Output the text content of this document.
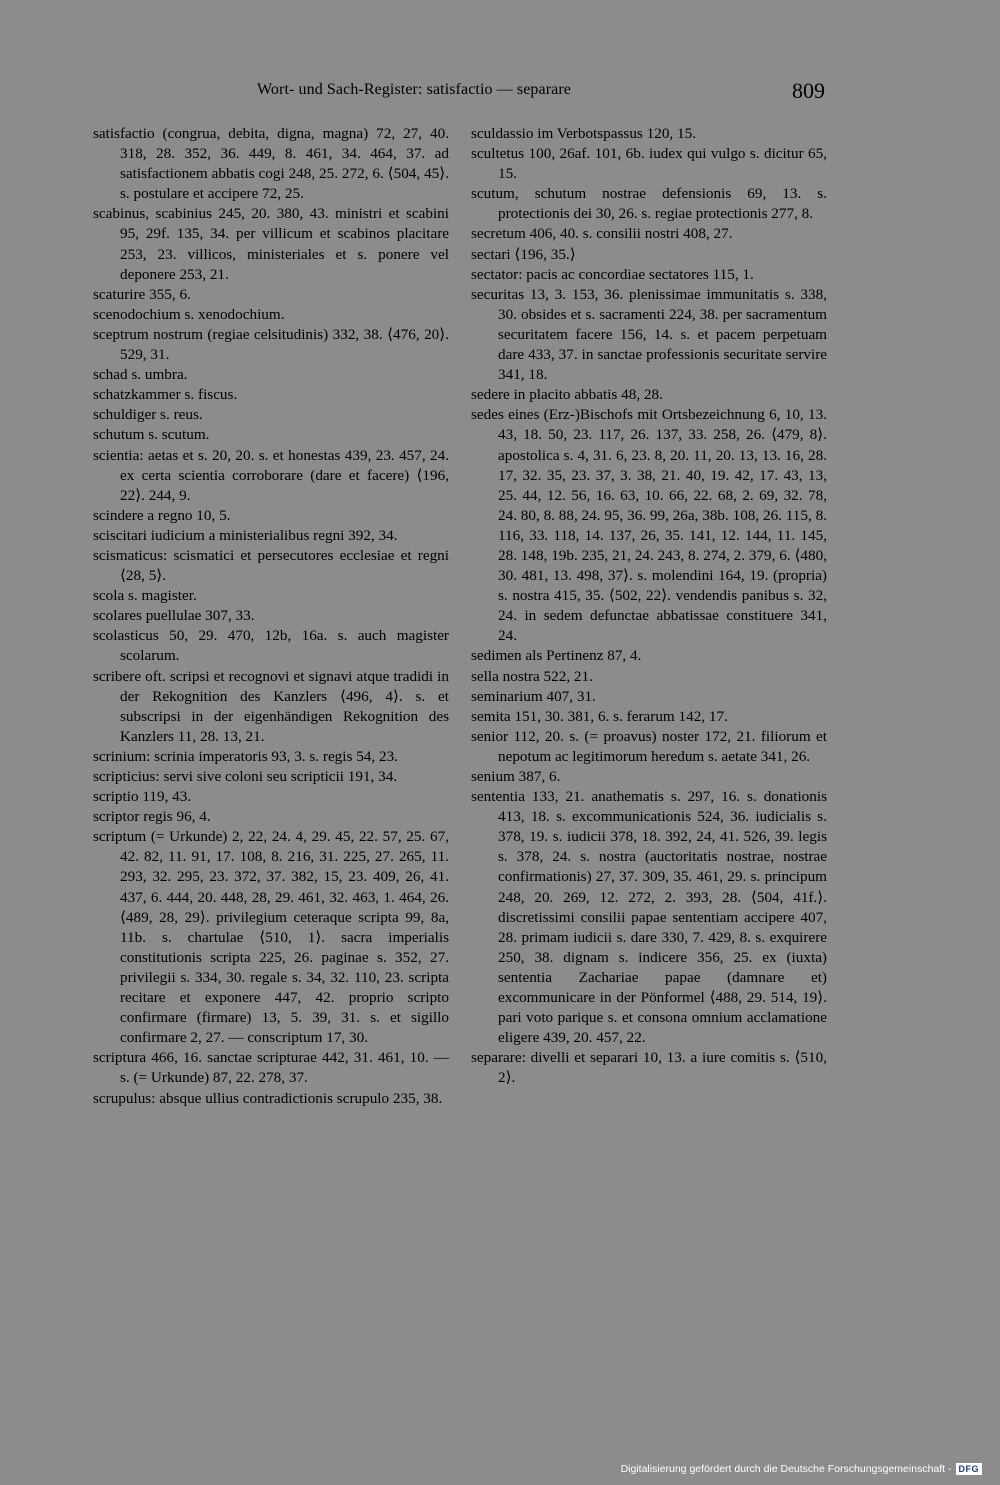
Wort- und Sach-Register: satisfactio — separare	809
satisfactio (congrua, debita, digna, magna) 72, 27, 40. 318, 28. 352, 36. 449, 8. 461, 34. 464, 37. ad satisfactionem abbatis cogi 248, 25. 272, 6. ⟨504, 45⟩. s. postulare et accipere 72, 25.
scabinus, scabinius 245, 20. 380, 43. ministri et scabini 95, 29f. 135, 34. per villicum et scabinos placitare 253, 23. villicos, ministeriales et s. ponere vel deponere 253, 21.
scaturire 355, 6.
scenodochium s. xenodochium.
sceptrum nostrum (regiae celsitudinis) 332, 38. ⟨476, 20⟩. 529, 31.
schad s. umbra.
schatzkammer s. fiscus.
schuldiger s. reus.
schutum s. scutum.
scientia: aetas et s. 20, 20. s. et honestas 439, 23. 457, 24. ex certa scientia corroborare (dare et facere) ⟨196, 22⟩. 244, 9.
scindere a regno 10, 5.
sciscitari iudicium a ministerialibus regni 392, 34.
scismaticus: scismatici et persecutores ecclesiae et regni ⟨28, 5⟩.
scola s. magister.
scolares puellulae 307, 33.
scolasticus 50, 29. 470, 12b, 16a. s. auch magister scolarum.
scribere oft. scripsi et recognovi et signavi atque tradidi in der Rekognition des Kanzlers ⟨496, 4⟩. s. et subscripsi in der eigenhändigen Rekognition des Kanzlers 11, 28. 13, 21.
scrinium: scrinia imperatoris 93, 3. s. regis 54, 23.
scripticius: servi sive coloni seu scripticii 191, 34.
scriptio 119, 43.
scriptor regis 96, 4.
scriptum (= Urkunde) 2, 22, 24. 4, 29. 45, 22. 57, 25. 67, 42. 82, 11. 91, 17. 108, 8. 216, 31. 225, 27. 265, 11. 293, 32. 295, 23. 372, 37. 382, 15, 23. 409, 26, 41. 437, 6. 444, 20. 448, 28, 29. 461, 32. 463, 1. 464, 26. ⟨489, 28, 29⟩. privilegium ceteraque scripta 99, 8a, 11b. s. chartulae ⟨510, 1⟩. sacra imperialis constitutionis scripta 225, 26. paginae s. 352, 27. privilegii s. 334, 30. regale s. 34, 32. 110, 23. scripta recitare et exponere 447, 42. proprio scripto confirmare (firmare) 13, 5. 39, 31. s. et sigillo confirmare 2, 27. — conscriptum 17, 30.
scriptura 466, 16. sanctae scripturae 442, 31. 461, 10. — s. (= Urkunde) 87, 22. 278, 37.
scrupulus: absque ullius contradictionis scrupulo 235, 38.
sculdassio im Verbotspassus 120, 15.
scultetus 100, 26af. 101, 6b. iudex qui vulgo s. dicitur 65, 15.
scutum, schutum nostrae defensionis 69, 13. s. protectionis dei 30, 26. s. regiae protectionis 277, 8.
secretum 406, 40. s. consilii nostri 408, 27.
sectari ⟨196, 35.⟩
sectator: pacis ac concordiae sectatores 115, 1.
securitas 13, 3. 153, 36. plenissimae immunitatis s. 338, 30. obsides et s. sacramenti 224, 38. per sacramentum securitatem facere 156, 14. s. et pacem perpetuam dare 433, 37. in sanctae professionis securitate servire 341, 18.
sedere in placito abbatis 48, 28.
sedes eines (Erz-)Bischofs mit Ortsbezeichnung 6, 10, 13. 43, 18. 50, 23. 117, 26. 137, 33. 258, 26. ⟨479, 8⟩. apostolica s. 4, 31. 6, 23. 8, 20. 11, 20. 13, 13. 16, 28. 17, 32. 35, 23. 37, 3. 38, 21. 40, 19. 42, 17. 43, 13, 25. 44, 12. 56, 16. 63, 10. 66, 22. 68, 2. 69, 32. 78, 24. 80, 8. 88, 24. 95, 36. 99, 26a, 38b. 108, 26. 115, 8. 116, 33. 118, 14. 137, 26, 35. 141, 12. 144, 11. 145, 28. 148, 19b. 235, 21, 24. 243, 8. 274, 2. 379, 6. ⟨480, 30. 481, 13. 498, 37⟩. s. molendini 164, 19. (propria) s. nostra 415, 35. ⟨502, 22⟩. vendendis panibus s. 32, 24. in sedem defunctae abbatissae constituere 341, 24.
sedimen als Pertinenz 87, 4.
sella nostra 522, 21.
seminarium 407, 31.
semita 151, 30. 381, 6. s. ferarum 142, 17.
senior 112, 20. s. (= proavus) noster 172, 21. filiorum et nepotum ac legitimorum heredum s. aetate 341, 26.
senium 387, 6.
sententia 133, 21. anathematis s. 297, 16. s. donationis 413, 18. s. excommunicationis 524, 36. iudicialis s. 378, 19. s. iudicii 378, 18. 392, 24, 41. 526, 39. legis s. 378, 24. s. nostra (auctoritatis nostrae, nostrae confirmationis) 27, 37. 309, 35. 461, 29. s. principum 248, 20. 269, 12. 272, 2. 393, 28. ⟨504, 41f.⟩. discretissimi consilii papae sententiam accipere 407, 28. primam iudicii s. dare 330, 7. 429, 8. s. exquirere 250, 38. dignam s. indicere 356, 25. ex (iuxta) sententia Zachariae papae (damnare et) excommunicare in der Pönformel ⟨488, 29. 514, 19⟩. pari voto parique s. et consona omnium acclamatione eligere 439, 20. 457, 22.
separare: divelli et separari 10, 13. a iure comitis s. ⟨510, 2⟩.
Digitalisierung gefördert durch die Deutsche Forschungsgemeinschaft - DFG
